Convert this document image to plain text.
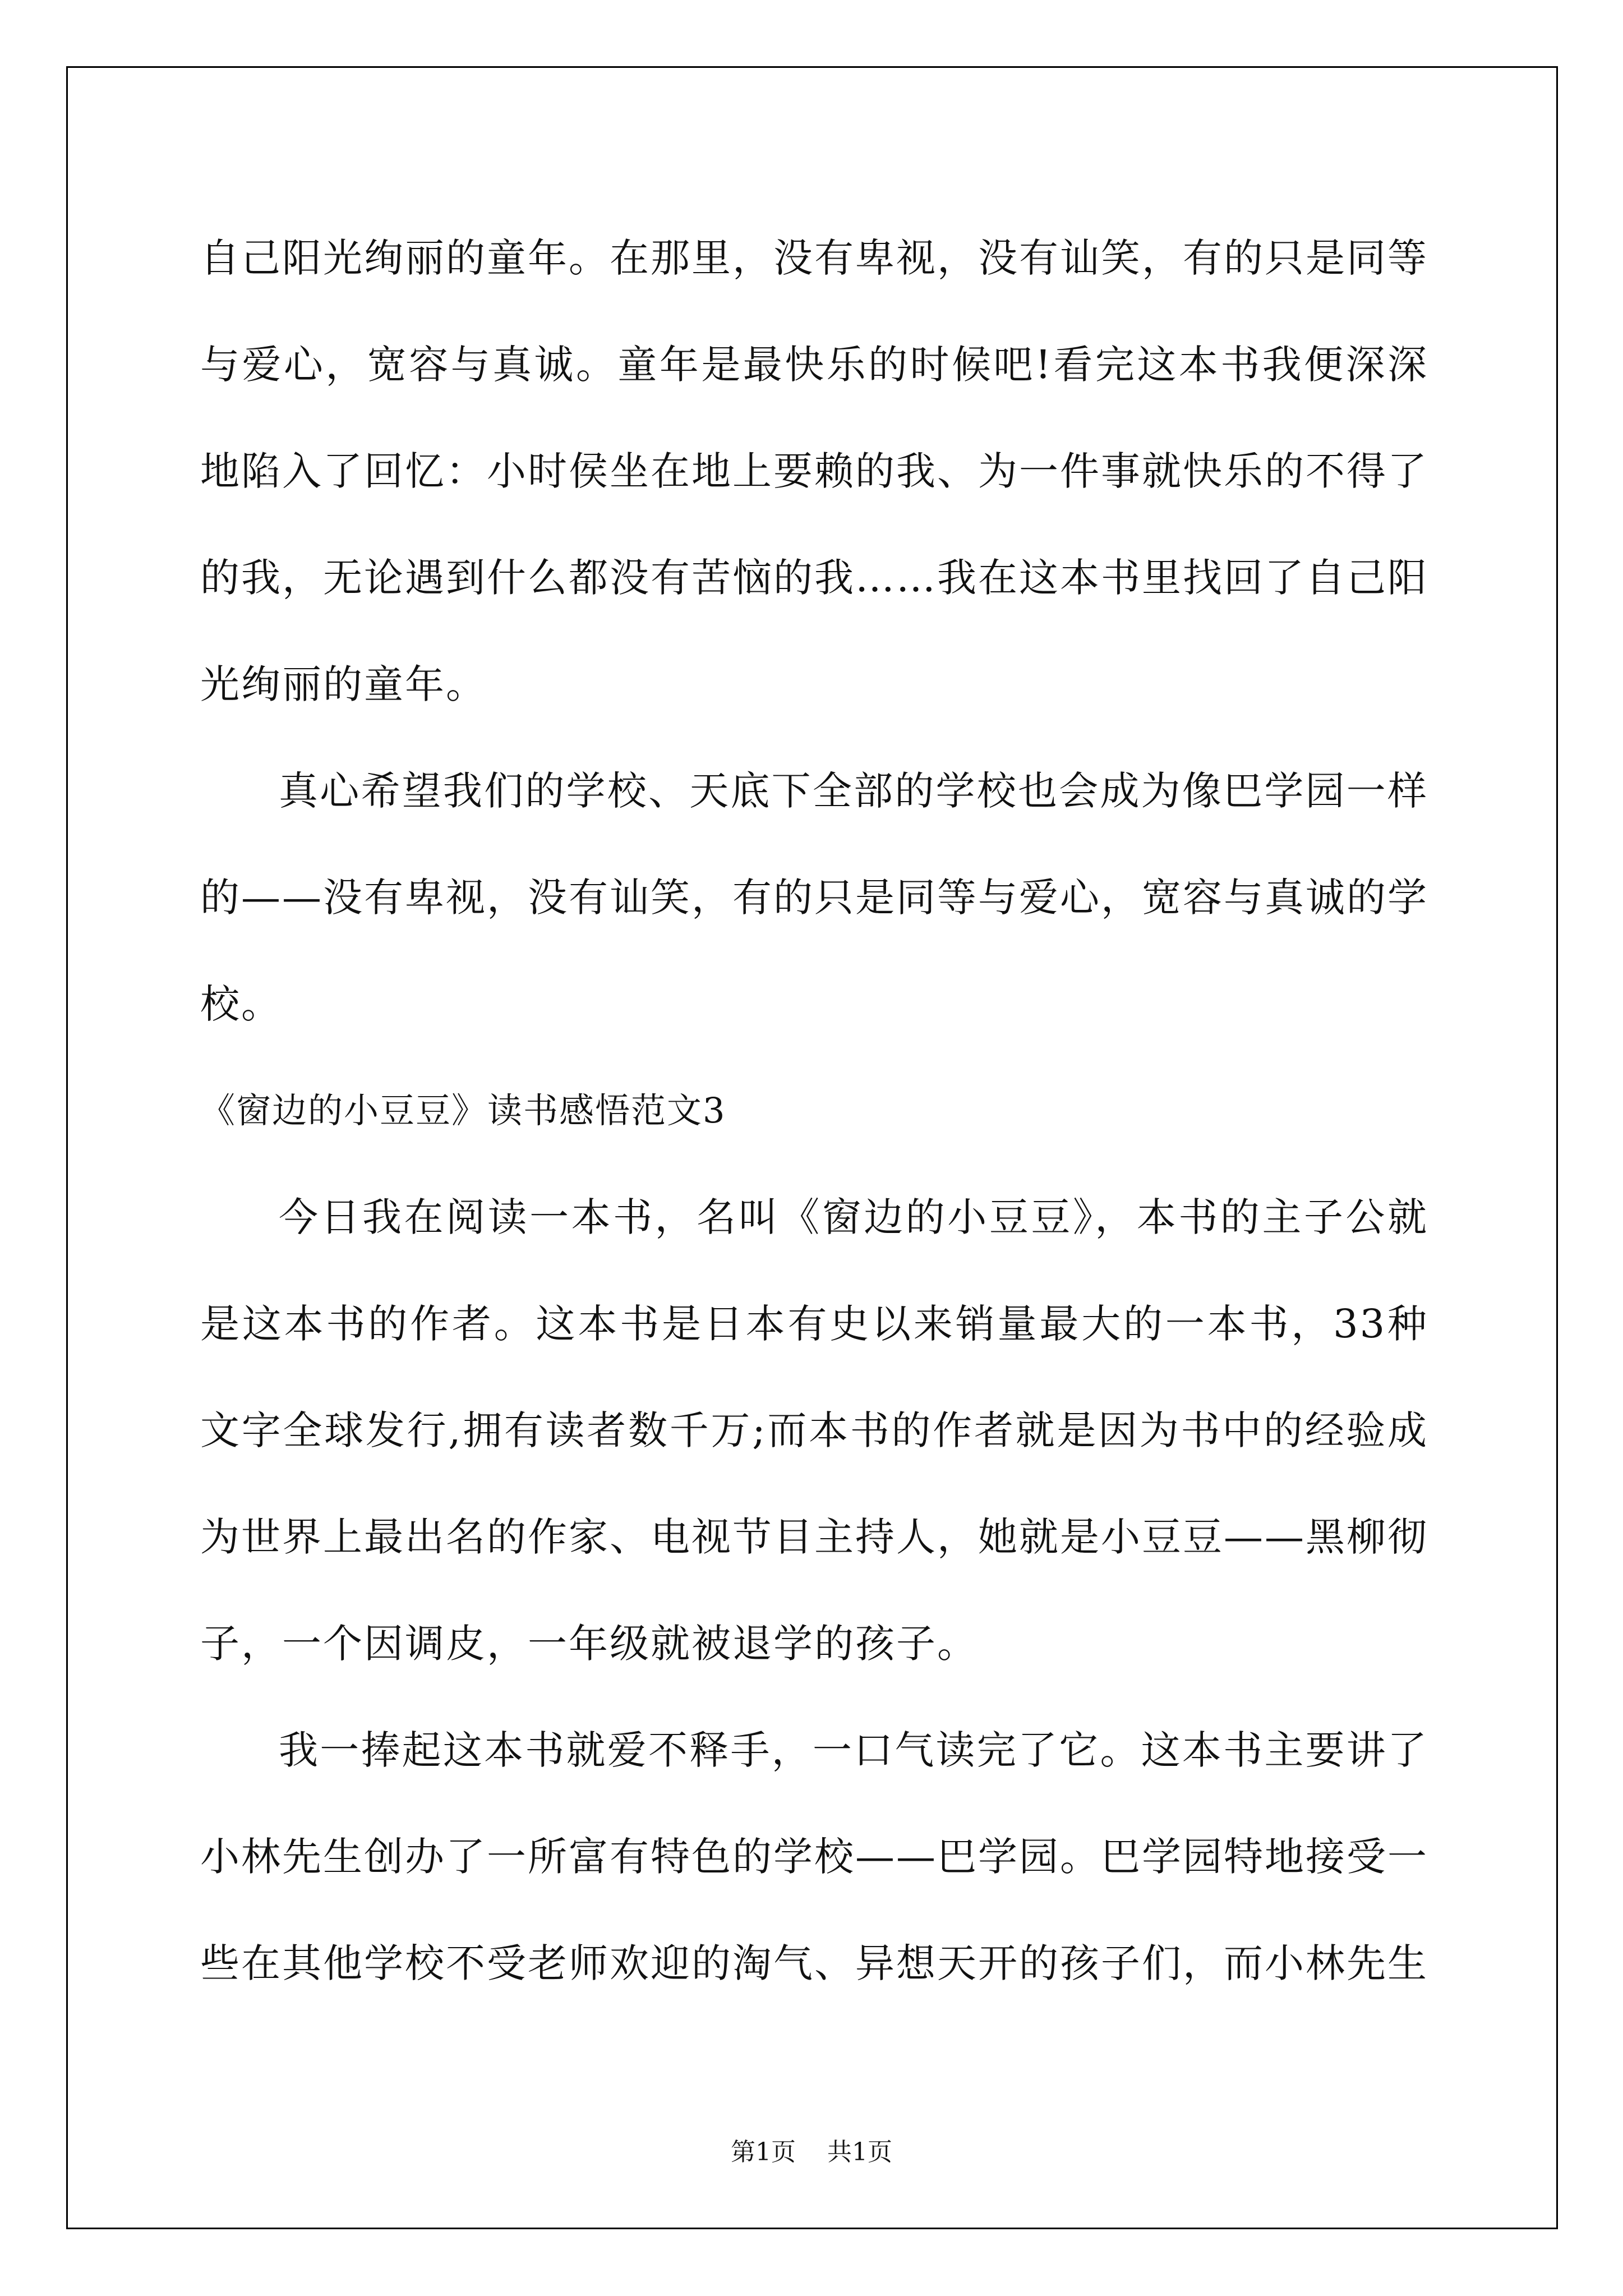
自己阳光绚丽的童年。在那里，没有卑视，没有讪笑，有的只是同等与爱心，宽容与真诚。童年是最快乐的时候吧!看完这本书我便深深地陷入了回忆：小时侯坐在地上要赖的我、为一件事就快乐的不得了的我，无论遇到什么都没有苦恼的我……我在这本书里找回了自己阳光绚丽的童年。

真心希望我们的学校、天底下全部的学校也会成为像巴学园一样的——没有卑视，没有讪笑，有的只是同等与爱心，宽容与真诚的学校。

《窗边的小豆豆》读书感悟范文3

今日我在阅读一本书，名叫《窗边的小豆豆》，本书的主子公就是这本书的作者。这本书是日本有史以来销量最大的一本书，33种文字全球发行,拥有读者数千万;而本书的作者就是因为书中的经验成为世界上最出名的作家、电视节目主持人，她就是小豆豆——黑柳彻子，一个因调皮，一年级就被退学的孩子。

我一捧起这本书就爱不释手，一口气读完了它。这本书主要讲了小林先生创办了一所富有特色的学校——巴学园。巴学园特地接受一些在其他学校不受老师欢迎的淘气、异想天开的孩子们，而小林先生

第1页 共1页
